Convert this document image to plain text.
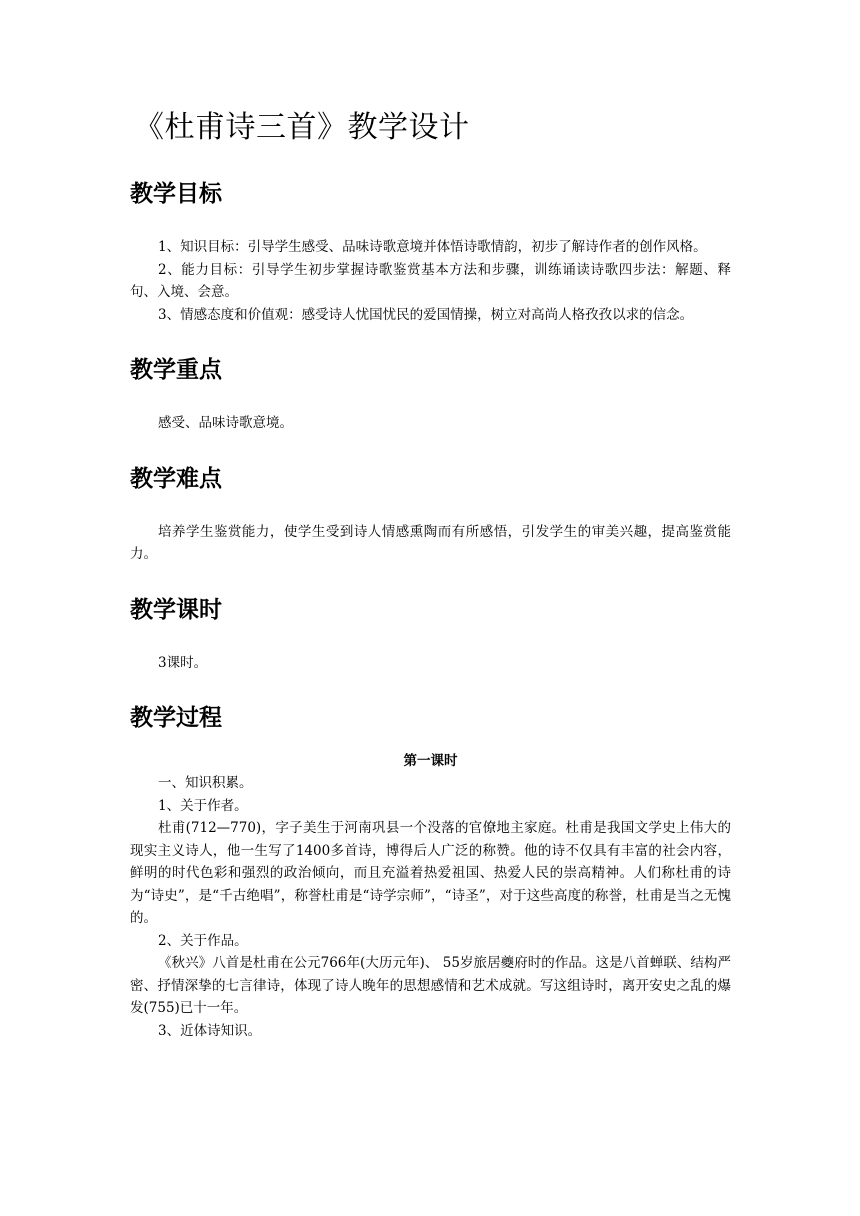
《杜甫诗三首》教学设计
教学目标

1、知识目标：引导学生感受、品味诗歌意境并体悟诗歌情韵，初步了解诗作者的创作风格。

2、能力目标：引导学生初步掌握诗歌鉴赏基本方法和步骤，训练诵读诗歌四步法：解题、释句、入境、会意。

3、情感态度和价值观：感受诗人忧国忧民的爱国情操，树立对高尚人格孜孜以求的信念。

教学重点

感受、品味诗歌意境。

教学难点

培养学生鉴赏能力，使学生受到诗人情感熏陶而有所感悟，引发学生的审美兴趣，提高鉴赏能力。

教学课时

3课时。

教学过程

第一课时

一、知识积累。

1、关于作者。

杜甫(712—770)，字子美生于河南巩县一个没落的官僚地主家庭。杜甫是我国文学史上伟大的现实主义诗人，他一生写了1400多首诗，博得后人广泛的称赞。他的诗不仅具有丰富的社会内容，鲜明的时代色彩和强烈的政治倾向，而且充溢着热爱祖国、热爱人民的崇高精神。人们称杜甫的诗为“诗史”，是“千古绝唱”，称誉杜甫是“诗学宗师”，“诗圣”，对于这些高度的称誉，杜甫是当之无愧的。

2、关于作品。

《秋兴》八首是杜甫在公元766年(大历元年)、 55岁旅居夔府时的作品。这是八首蝉联、结构严密、抒情深挚的七言律诗，体现了诗人晚年的思想感情和艺术成就。写这组诗时，离开安史之乱的爆发(755)已十一年。

3、近体诗知识。
